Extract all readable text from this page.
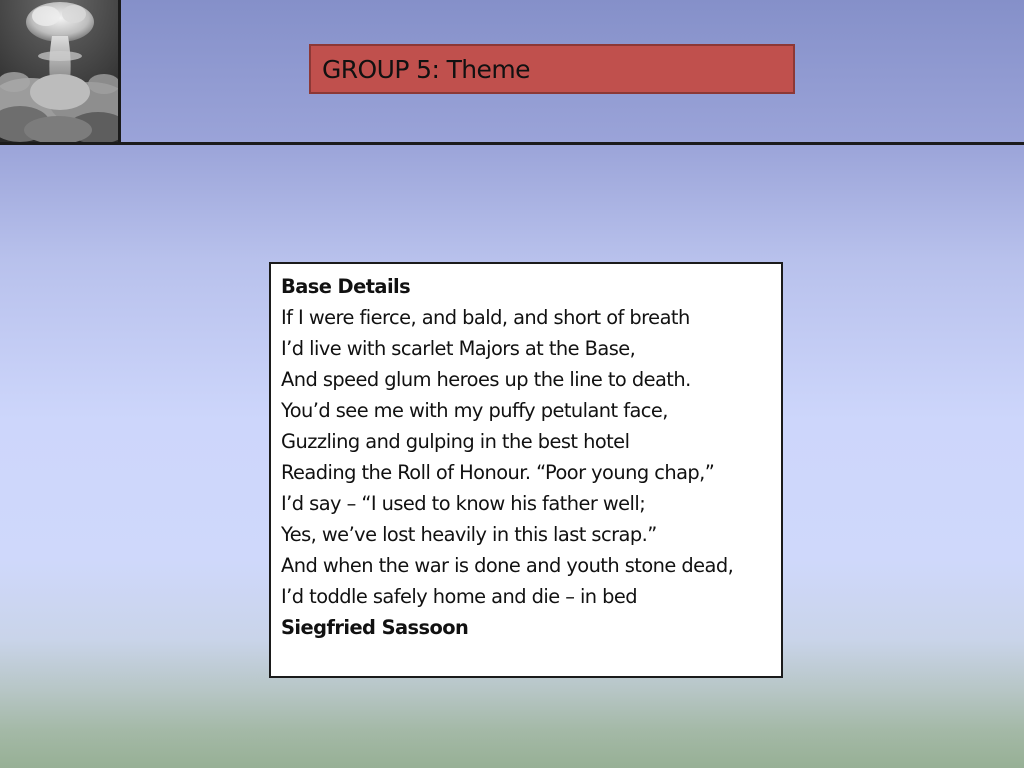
GROUP 5: Theme
Base Details
If I were fierce, and bald, and short of breath
I’d live with scarlet Majors at the Base,
And speed glum heroes up the line to death.
You’d see me with my puffy petulant face,
Guzzling and gulping in the best hotel
Reading the Roll of Honour. “Poor young chap,”
I’d say – “I used to know his father well;
Yes, we’ve lost heavily in this last scrap.”
And when the war is done and youth stone dead,
I’d toddle safely home and die – in bed
Siegfried Sassoon
